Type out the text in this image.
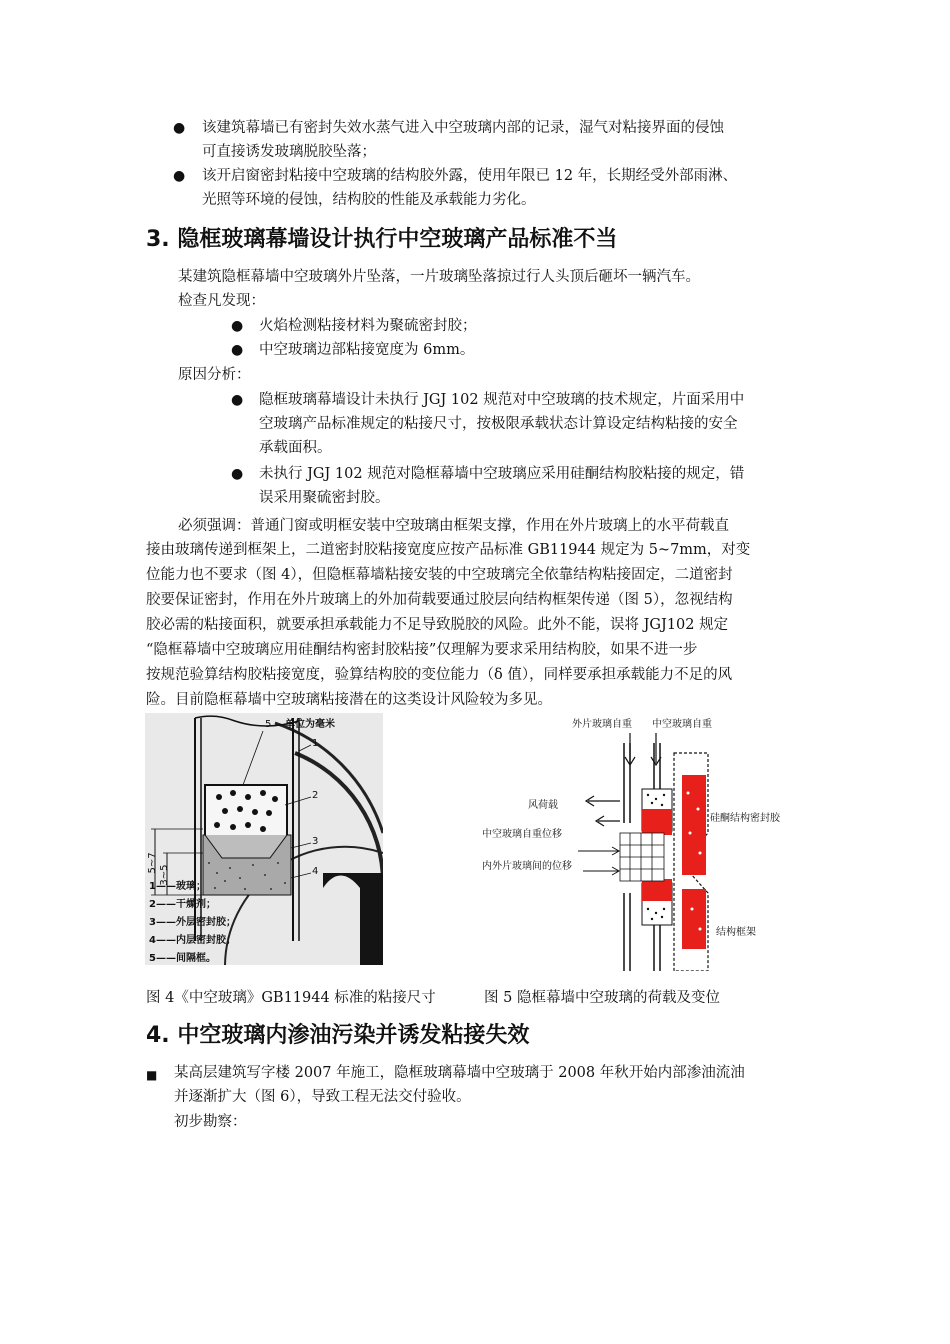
● 该建筑幕墙已有密封失效水蒸气进入中空玻璃内部的记录，湿气对粘接界面的侵蚀
可直接诱发玻璃脱胶坠落；
● 该开启窗密封粘接中空玻璃的结构胶外露，使用年限已 12 年，长期经受外部雨淋、
光照等环境的侵蚀，结构胶的性能及承载能力劣化。
3. 隐框玻璃幕墙设计执行中空玻璃产品标准不当
某建筑隐框幕墙中空玻璃外片坠落，一片玻璃坠落掠过行人头顶后砸坏一辆汽车。
检查凡发现：
● 火焰检测粘接材料为聚硫密封胶；
● 中空玻璃边部粘接宽度为 6mm。
原因分析：
● 隐框玻璃幕墙设计未执行 JGJ 102 规范对中空玻璃的技术规定，片面采用中
空玻璃产品标准规定的粘接尺寸，按极限承载状态计算设定结构粘接的安全
承载面积。
● 未执行 JGJ 102 规范对隐框幕墙中空玻璃应采用硅酮结构胶粘接的规定，错
误采用聚硫密封胶。
必须强调：普通门窗或明框安装中空玻璃由框架支撑，作用在外片玻璃上的水平荷载直
接由玻璃传递到框架上，二道密封胶粘接宽度应按产品标准 GB11944 规定为 5~7mm，对变
位能力也不要求（图 4），但隐框幕墙粘接安装的中空玻璃完全依靠结构粘接固定，二道密封
胶要保证密封，作用在外片玻璃上的外加荷载要通过胶层向结构框架传递（图 5），忽视结构
胶必需的粘接面积，就要承担承载能力不足导致脱胶的风险。此外不能，误将 JGJ102 规定
“隐框幕墙中空玻璃应用硅酮结构密封胶粘接”仅理解为要求采用结构胶，如果不进一步
按规范验算结构胶粘接宽度，验算结构胶的变位能力（δ 值），同样要承担承载能力不足的风
险。目前隐框幕墙中空玻璃粘接潜在的这类设计风险较为多见。
5~7
3~5
单位为毫米
5
1
2
3
4
1——玻璃；
2——干燥剂；
3——外层密封胶；
4——内层密封胶；
5——间隔框。
外片玻璃自重 中空玻璃自重
风荷载
中空玻璃自重位移
内外片玻璃间的位移
硅酮结构密封胶
结构框架
图 4《中空玻璃》GB11944 标准的粘接尺寸	图 5 隐框幕墙中空玻璃的荷载及变位
4. 中空玻璃内渗油污染并诱发粘接失效
■ 某高层建筑写字楼 2007 年施工，隐框玻璃幕墙中空玻璃于 2008 年秋开始内部渗油流油
并逐渐扩大（图 6），导致工程无法交付验收。
初步勘察：
